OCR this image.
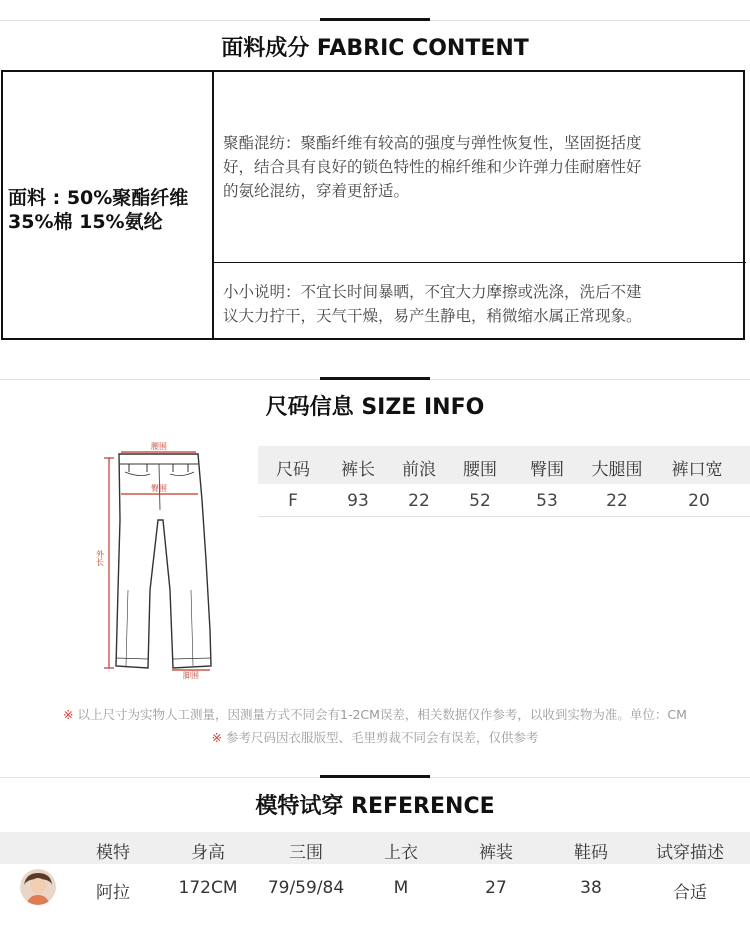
面料成分 FABRIC CONTENT
面料 : 50%聚酯纤维
35%棉 15%氨纶
聚酯混纺：聚酯纤维有较高的强度与弹性恢复性，坚固挺括度
好，结合具有良好的锁色特性的棉纤维和少许弹力佳耐磨性好
的氨纶混纺，穿着更舒适。
小小说明：不宜长时间暴晒，不宜大力摩擦或洗涤，洗后不建
议大力拧干，天气干燥，易产生静电，稍微缩水属正常现象。
尺码信息 SIZE INFO
腰围
臀围
外长
脚围
尺码	裤长	前浪	腰围	臀围	大腿围	裤口宽
F	93	22	52	53	22	20
※ 以上尺寸为实物人工测量，因测量方式不同会有1-2CM误差，相关数据仅作参考，以收到实物为准。单位：CM
※ 参考尺码因衣服版型、毛里剪裁不同会有误差，仅供参考
模特试穿 REFERENCE
模特	身高	三围	上衣	裤装	鞋码	试穿描述
阿拉	172CM	79/59/84	M	27	38	合适
